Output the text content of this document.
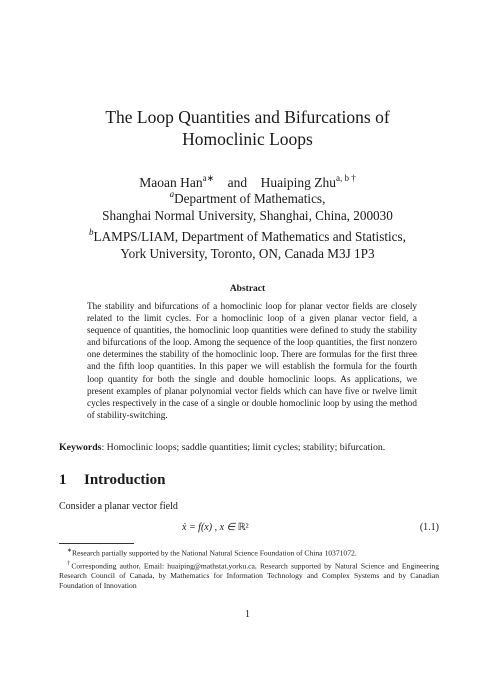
The Loop Quantities and Bifurcations of
Homoclinic Loops
Maoan Han$^{a∗}$ and Huaiping Zhu$^{a, b \dagger}$
$^a$Department of Mathematics,
Shanghai Normal University, Shanghai, China, 200030
$^b$LAMPS/LIAM, Department of Mathematics and Statistics,
York University, Toronto, ON, Canada M3J 1P3
Abstract
The stability and bifurcations of a homoclinic loop for planar vector fields are closely related to the limit cycles. For a homoclinic loop of a given planar vector field, a sequence of quantities, the homoclinic loop quantities were defined to study the stability and bifurcations of the loop. Among the sequence of the loop quantities, the first nonzero one determines the stability of the homoclinic loop. There are formulas for the first three and the fifth loop quantities. In this paper we will establish the formula for the fourth loop quantity for both the single and double homoclinic loops. As applications, we present examples of planar polynomial vector fields which can have five or twelve limit cycles respectively in the case of a single or double homoclinic loop by using the method of stability-switching.
Keywords: Homoclinic loops; saddle quantities; limit cycles; stability; bifurcation.
1 Introduction
Consider a planar vector field
ẋ = f(x) , x ∈ ℝ²	(1.1)

∗Research partially supported by the National Natural Science Foundation of China 10371072.

†Corresponding author, Email: huaiping@mathstat.yorku.ca, Research supported by Natural Science and Engineering Research Council of Canada, by Mathematics for Information Technology and Complex Systems and by Canadian Foundation of Innovation

1
